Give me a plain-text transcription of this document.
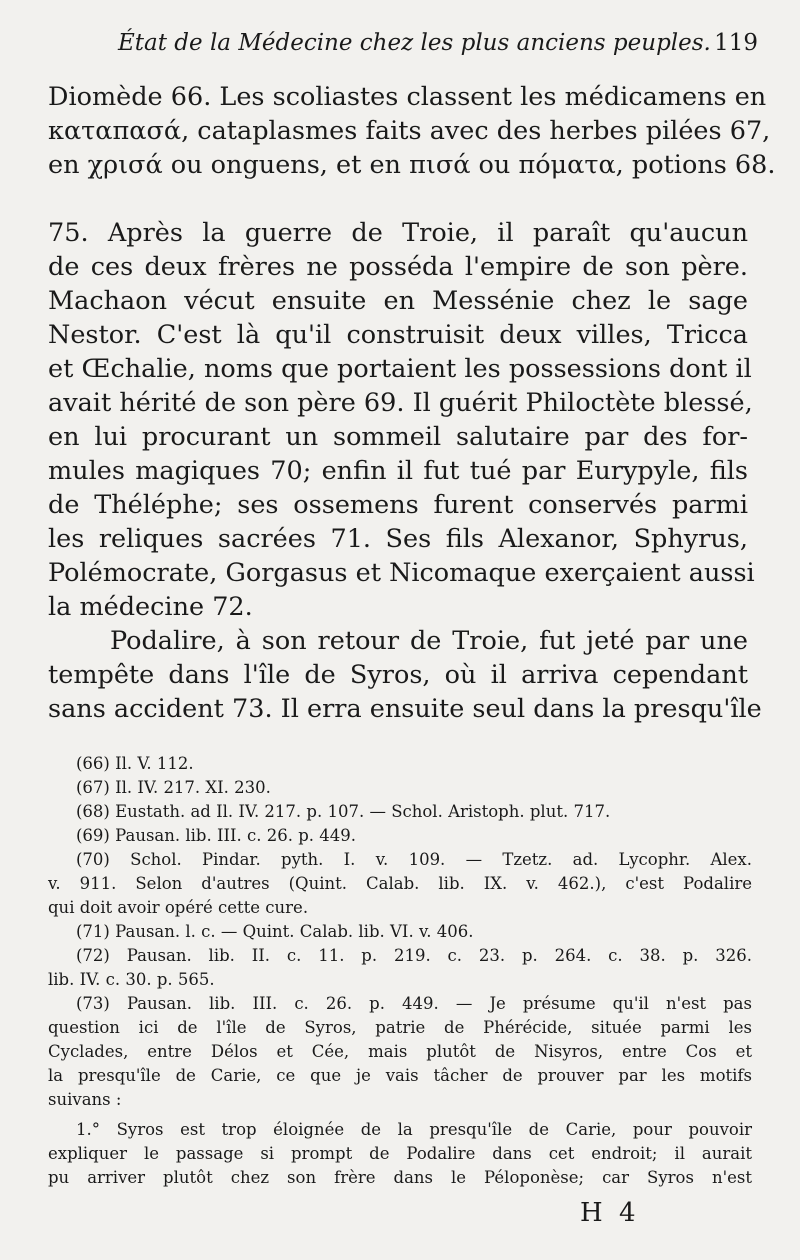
État de la Médecine chez les plus anciens peuples. 119
Diomède 66. Les scoliastes classent les médicamens en
καταπασά, cataplasmes faits avec des herbes pilées 67,
en χρισά ou onguens, et en πισά ou πόματα, potions 68.
75. Après la guerre de Troie, il paraît qu'aucun
de ces deux frères ne posséda l'empire de son père.
Machaon vécut ensuite en Messénie chez le sage
Nestor. C'est là qu'il construisit deux villes, Tricca
et Œchalie, noms que portaient les possessions dont il
avait hérité de son père 69. Il guérit Philoctète blessé,
en lui procurant un sommeil salutaire par des for-
mules magiques 70; enfin il fut tué par Eurypyle, fils
de Théléphe; ses ossemens furent conservés parmi
les reliques sacrées 71. Ses fils Alexanor, Sphyrus,
Polémocrate, Gorgasus et Nicomaque exerçaient aussi
la médecine 72.
Podalire, à son retour de Troie, fut jeté par une
tempête dans l'île de Syros, où il arriva cependant
sans accident 73. Il erra ensuite seul dans la presqu'île
(66) Il. V. 112.
(67) Il. IV. 217. XI. 230.
(68) Eustath. ad Il. IV. 217. p. 107. — Schol. Aristoph. plut. 717.
(69) Pausan. lib. III. c. 26. p. 449.
(70) Schol. Pindar. pyth. I. v. 109. — Tzetz. ad. Lycophr. Alex.
v. 911. Selon d'autres (Quint. Calab. lib. IX. v. 462.), c'est Podalire
qui doit avoir opéré cette cure.
(71) Pausan. l. c. — Quint. Calab. lib. VI. v. 406.
(72) Pausan. lib. II. c. 11. p. 219. c. 23. p. 264. c. 38. p. 326.
lib. IV. c. 30. p. 565.
(73) Pausan. lib. III. c. 26. p. 449. — Je présume qu'il n'est pas
question ici de l'île de Syros, patrie de Phérécide, située parmi les
Cyclades, entre Délos et Cée, mais plutôt de Nisyros, entre Cos et
la presqu'île de Carie, ce que je vais tâcher de prouver par les motifs
suivans :
1.° Syros est trop éloignée de la presqu'île de Carie, pour pouvoir
expliquer le passage si prompt de Podalire dans cet endroit; il aurait
pu arriver plutôt chez son frère dans le Péloponèse; car Syros n'est
H 4
